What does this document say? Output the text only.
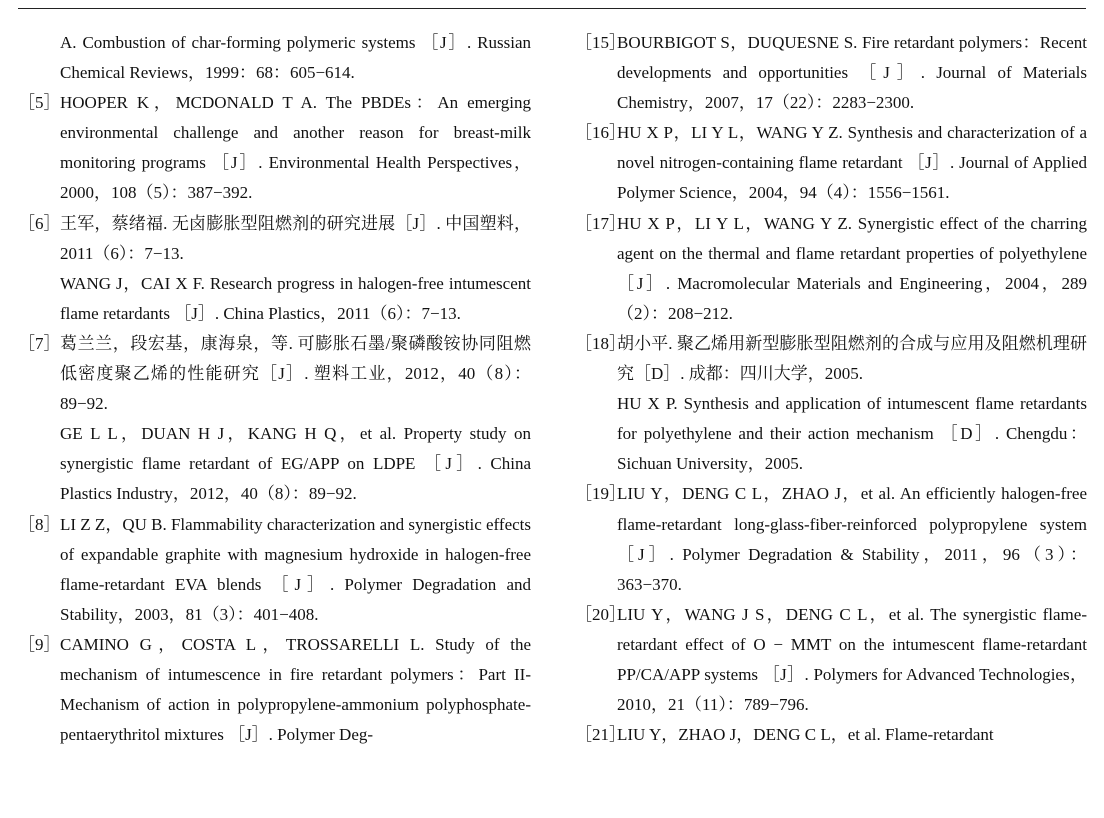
A. Combustion of char-forming polymeric systems ［J］. Russian Chemical Reviews，1999：68：605−614.
［5］ HOOPER K，MCDONALD T A. The PBDEs：An emerging environmental challenge and another reason for breast-milk monitoring programs ［J］. Environmental Health Perspectives，2000，108（5）：387−392.
［6］ 王军，蔡绪福. 无卤膨胀型阻燃剂的研究进展［J］. 中国塑料，2011（6）：7−13.
WANG J，CAI X F. Research progress in halogen-free intumescent flame retardants ［J］. China Plastics，2011（6）：7−13.
［7］ 葛兰兰，段宏基，康海泉，等. 可膨胀石墨/聚磷酸铵协同阻燃低密度聚乙烯的性能研究［J］. 塑料工业，2012，40（8）：89−92.
GE L L，DUAN H J，KANG H Q，et al. Property study on synergistic flame retardant of EG/APP on LDPE ［J］. China Plastics Industry，2012，40（8）：89−92.
［8］ LI Z Z，QU B. Flammability characterization and synergistic effects of expandable graphite with magnesium hydroxide in halogen-free flame-retardant EVA blends ［J］. Polymer Degradation and Stability，2003，81（3）：401−408.
［9］ CAMINO G，COSTA L，TROSSARELLI L. Study of the mechanism of intumescence in fire retardant polymers：Part II-Mechanism of action in polypropylene-ammonium polyphosphate-pentaerythritol mixtures ［J］. Polymer Deg-
［15］
BOURBIGOT S，DUQUESNE S. Fire retardant polymers：Recent developments and opportunities ［J］. Journal of Materials Chemistry，2007，17（22）：2283−2300.
［16］
HU X P，LI Y L，WANG Y Z. Synthesis and characterization of a novel nitrogen-containing flame retardant ［J］. Journal of Applied Polymer Science，2004，94（4）：1556−1561.
［17］
HU X P，LI Y L，WANG Y Z. Synergistic effect of the charring agent on the thermal and flame retardant properties of polyethylene ［J］. Macromolecular Materials and Engineering，2004，289（2）：208−212.
［18］
胡小平. 聚乙烯用新型膨胀型阻燃剂的合成与应用及阻燃机理研究［D］. 成都：四川大学，2005.
HU X P. Synthesis and application of intumescent flame retardants for polyethylene and their action mechanism ［D］. Chengdu：Sichuan University，2005.
［19］
LIU Y，DENG C L，ZHAO J，et al. An efficiently halogen-free flame-retardant long-glass-fiber-reinforced polypropylene system ［J］. Polymer Degradation & Stability，2011，96（3）：363−370.
［20］
LIU Y，WANG J S，DENG C L，et al. The synergistic flame-retardant effect of O − MMT on the intumescent flame-retardant PP/CA/APP systems ［J］. Polymers for Advanced Technologies，2010，21（11）：789−796.
［21］
LIU Y，ZHAO J，DENG C L，et al. Flame-retardant
